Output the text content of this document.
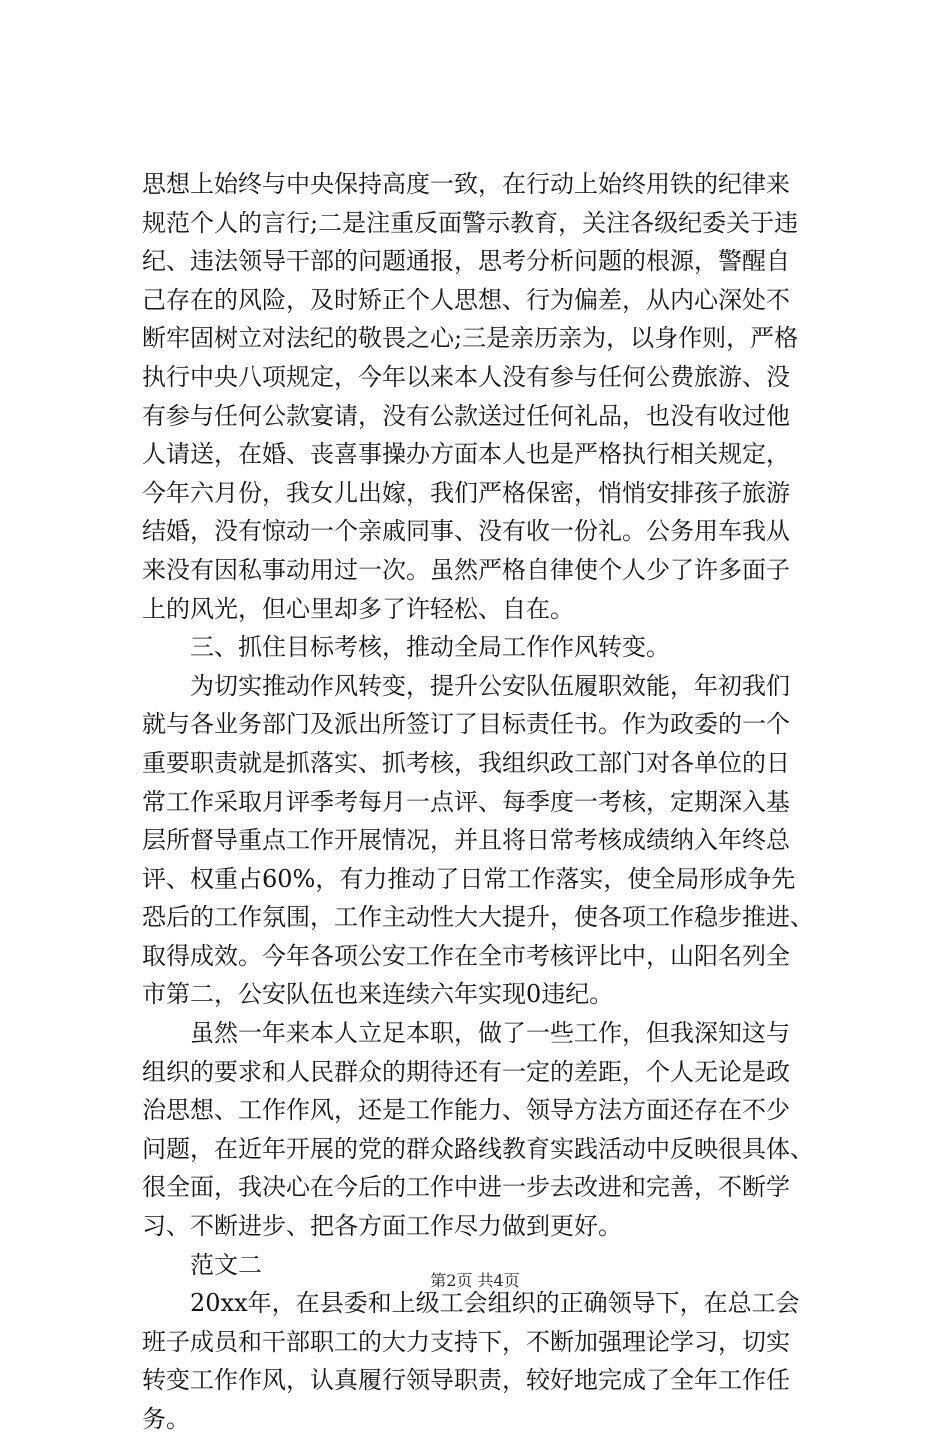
思想上始终与中央保持高度一致，在行动上始终用铁的纪律来
规范个人的言行;二是注重反面警示教育，关注各级纪委关于违
纪、违法领导干部的问题通报，思考分析问题的根源，警醒自
己存在的风险，及时矫正个人思想、行为偏差，从内心深处不
断牢固树立对法纪的敬畏之心;三是亲历亲为，以身作则，严格
执行中央八项规定，今年以来本人没有参与任何公费旅游、没
有参与任何公款宴请，没有公款送过任何礼品，也没有收过他
人请送，在婚、丧喜事操办方面本人也是严格执行相关规定，
今年六月份，我女儿出嫁，我们严格保密，悄悄安排孩子旅游
结婚，没有惊动一个亲戚同事、没有收一份礼。公务用车我从
来没有因私事动用过一次。虽然严格自律使个人少了许多面子
上的风光，但心里却多了许轻松、自在。
　　三、抓住目标考核，推动全局工作作风转变。
　　为切实推动作风转变，提升公安队伍履职效能，年初我们
就与各业务部门及派出所签订了目标责任书。作为政委的一个
重要职责就是抓落实、抓考核，我组织政工部门对各单位的日
常工作采取月评季考每月一点评、每季度一考核，定期深入基
层所督导重点工作开展情况，并且将日常考核成绩纳入年终总
评、权重占60%，有力推动了日常工作落实，使全局形成争先
恐后的工作氛围，工作主动性大大提升，使各项工作稳步推进、
取得成效。今年各项公安工作在全市考核评比中，山阳名列全
市第二，公安队伍也来连续六年实现0违纪。
　　虽然一年来本人立足本职，做了一些工作，但我深知这与
组织的要求和人民群众的期待还有一定的差距，个人无论是政
治思想、工作作风，还是工作能力、领导方法方面还存在不少
问题，在近年开展的党的群众路线教育实践活动中反映很具体、
很全面，我决心在今后的工作中进一步去改进和完善，不断学
习、不断进步、把各方面工作尽力做到更好。
　　范文二
　　20xx年，在县委和上级工会组织的正确领导下，在总工会
班子成员和干部职工的大力支持下，不断加强理论学习，切实
转变工作作风，认真履行领导职责，较好地完成了全年工作任
务。
第2页 共4页
